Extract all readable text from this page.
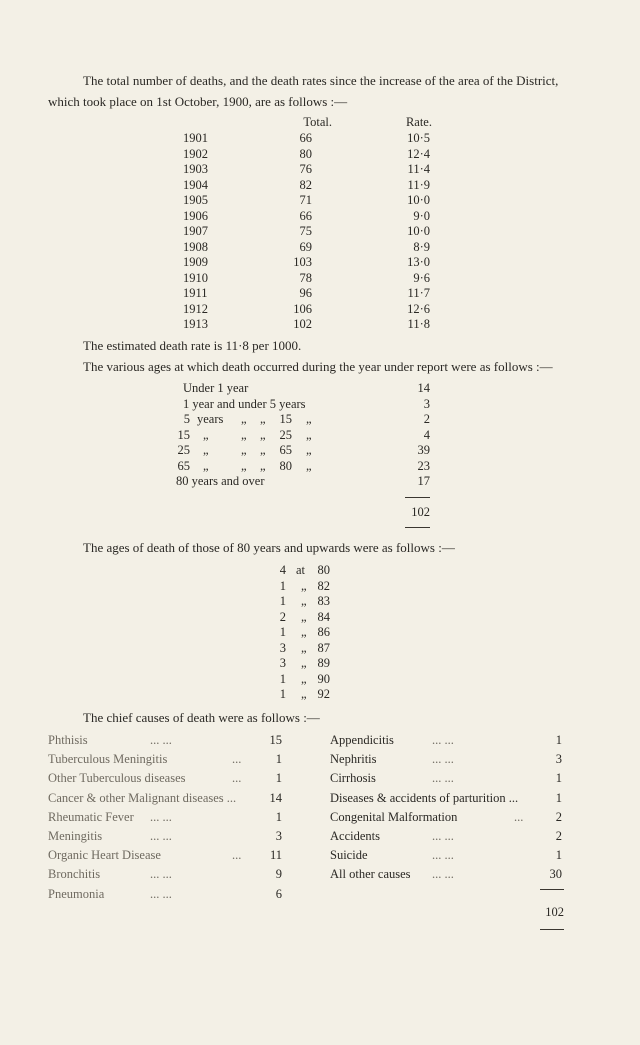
The total number of deaths, and the death rates since the increase of the area of the District,
which took place on 1st October, 1900, are as follows :—
Total.	Rate.
1901	66	10·5
1902	80	12·4
1903	76	11·4
1904	82	11·9
1905	71	10·0
1906	66	9·0
1907	75	10·0
1908	69	8·9
1909	103	13·0
1910	78	9·6
1911	96	11·7
1912	106	12·6
1913	102	11·8
The estimated death rate is 11·8 per 1000.
The various ages at which death occurred during the year under report were as follows :—
Under 1 year	14
1 year and under 5 years	3
5 years „ „	15 „	2
15 „	„ „	25 „	4
25 „	„ „	65 „	39
65 „	„ „	80 „	23
80 years and over	17
102
The ages of death of those of 80 years and upwards were as follows :—
4 at 80
1 „ 82
1 „ 83
2 „ 84
1 „ 86
3 „ 87
3 „ 89
1 „ 90
1 „ 92
The chief causes of death were as follows :—
Phthisis	... ...	15
Tuberculous Meningitis	...	1
Other Tuberculous diseases	...	1
Cancer & other Malignant diseases ...	14
Rheumatic Fever ... ...	1
Meningitis	... ...	3
Organic Heart Disease	...	11
Bronchitis	... ...	9
Pneumonia	... ...	6
Appendicitis	... ...	1
Nephritis	... ...	3
Cirrhosis	... ...	1
Diseases & accidents of parturition ...	1
Congenital Malformation	...	2
Accidents	... ...	2
Suicide	... ...	1
All other causes ... ...	30
102
